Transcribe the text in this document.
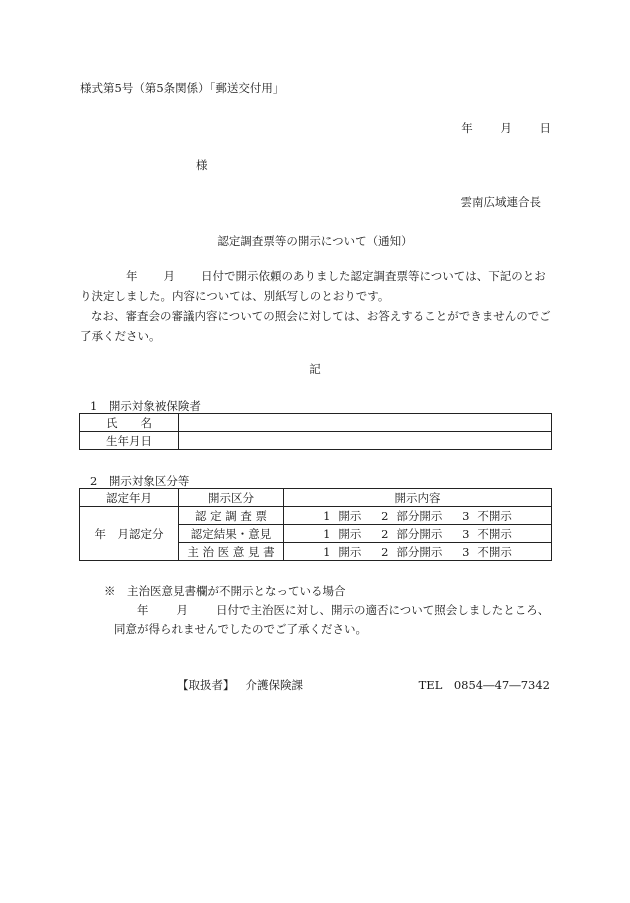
様式第5号（第5条関係）「郵送交付用」
年 月 日
様
雲南広域連合長
認定調査票等の開示について（通知）

年 月 日付で開示依頼のありました認定調査票等については、下記のとおり決定しました。内容については、別紙写しのとおりです。

なお、審査会の審議内容についての照会に対しては、お答えすることができませんのでご了承ください。

記
1　開示対象被保険者
氏　　名	
生年月日	
2　開示対象区分等
認定年月	開示区分	開示内容
年　月認定分	認 定 調 査 票	1 開示 2 部分開示 3 不開示
	認定結果・意見	1 開示 2 部分開示 3 不開示
	主 治 医 意 見 書	1 開示 2 部分開示 3 不開示
※　主治医意見書欄が不開示となっている場合
年 月 日付で主治医に対し、開示の適否について照会しましたところ、
同意が得られませんでしたのでご了承ください。
【取扱者】 介護保険課	TEL　0854―47―7342
